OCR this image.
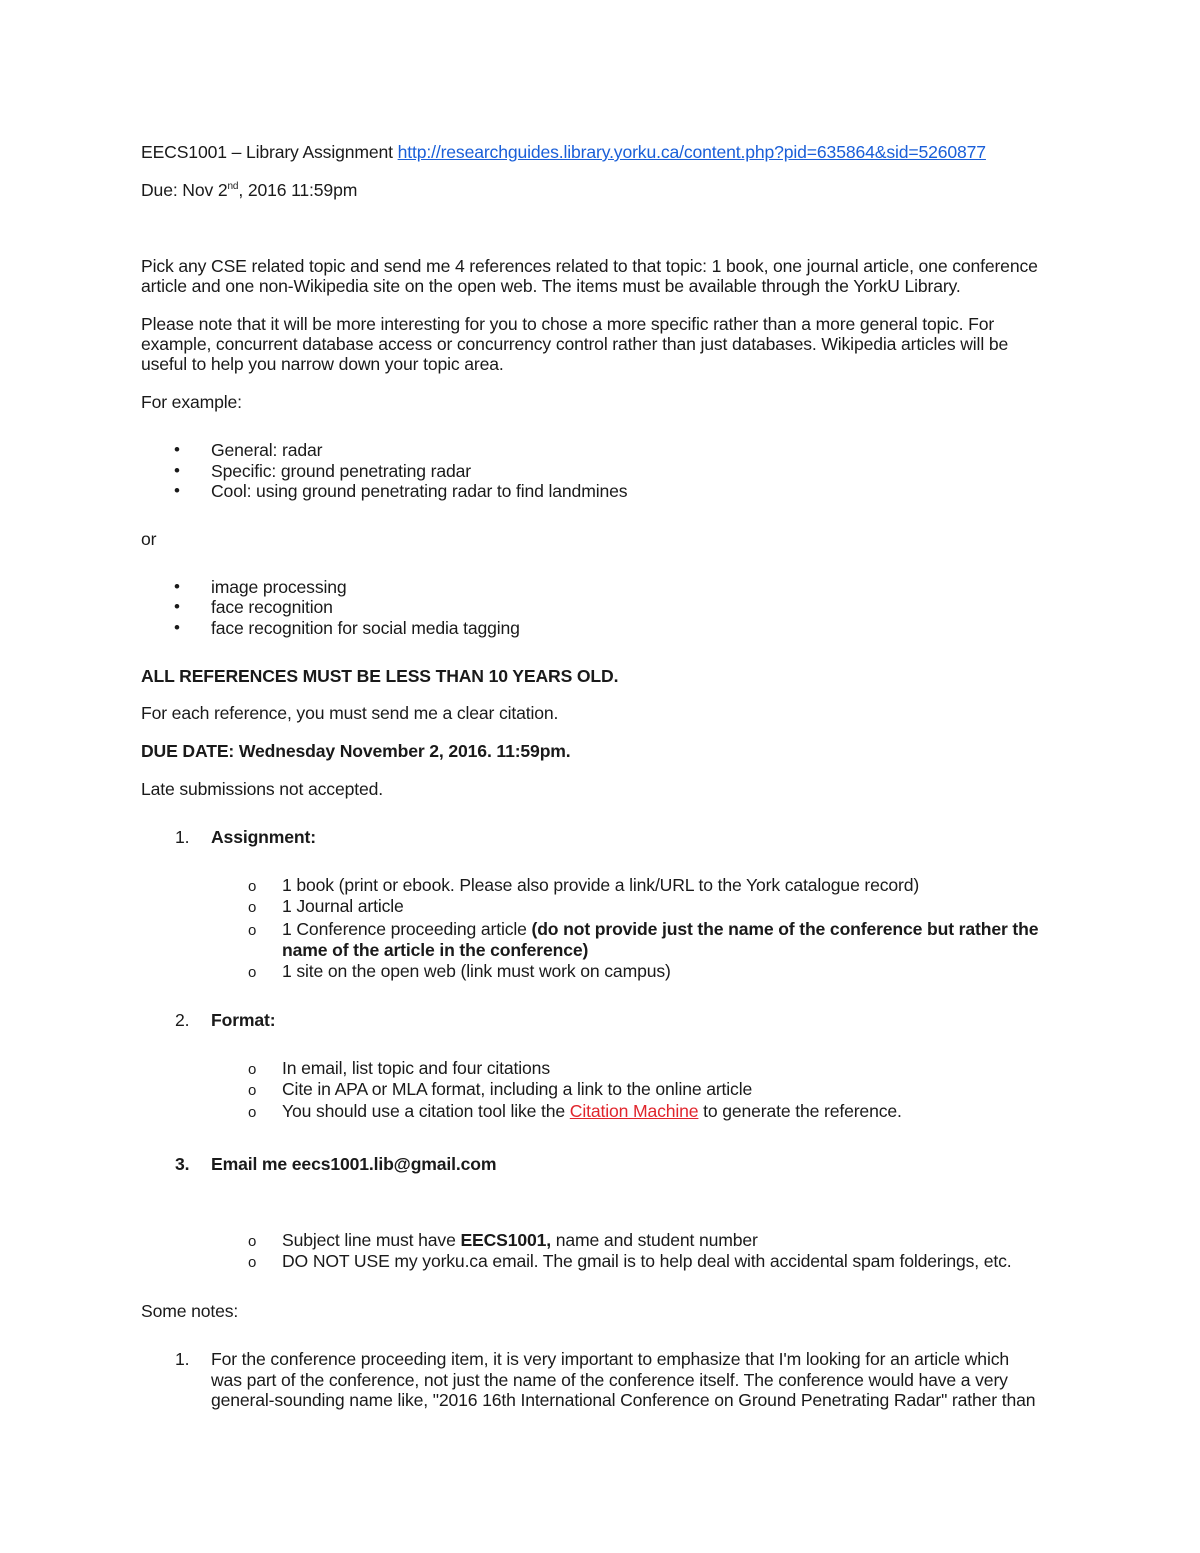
EECS1001 – Library Assignment http://researchguides.library.yorku.ca/content.php?pid=635864&sid=5260877

Due: Nov 2nd, 2016 11:59pm

Pick any CSE related topic and send me 4 references related to that topic: 1 book, one journal article, one conference

article and one non-Wikipedia site on the open web. The items must be available through the YorkU Library.

Please note that it will be more interesting for you to chose a more specific rather than a more general topic. For

example, concurrent database access or concurrency control rather than just databases. Wikipedia articles will be

useful to help you narrow down your topic area.

For example:

•
General: radar
•
Specific: ground penetrating radar
•
Cool: using ground penetrating radar to find landmines

or

•
image processing
•
face recognition
•
face recognition for social media tagging

ALL REFERENCES MUST BE LESS THAN 10 YEARS OLD.

For each reference, you must send me a clear citation.

DUE DATE: Wednesday November 2, 2016. 11:59pm.

Late submissions not accepted.

1. Assignment:
o 1 book (print or ebook. Please also provide a link/URL to the York catalogue record)
o 1 Journal article
o 1 Conference proceeding article (do not provide just the name of the conference but rather the
name of the article in the conference)
o 1 site on the open web (link must work on campus)
2. Format:
o In email, list topic and four citations
o Cite in APA or MLA format, including a link to the online article
o You should use a citation tool like the Citation Machine to generate the reference.
3. Email me eecs1001.lib@gmail.com
o Subject line must have EECS1001, name and student number
o DO NOT USE my yorku.ca email. The gmail is to help deal with accidental spam folderings, etc.

Some notes:

1. For the conference proceeding item, it is very important to emphasize that I'm looking for an article which
was part of the conference, not just the name of the conference itself. The conference would have a very
general-sounding name like, "2016 16th International Conference on Ground Penetrating Radar" rather than
